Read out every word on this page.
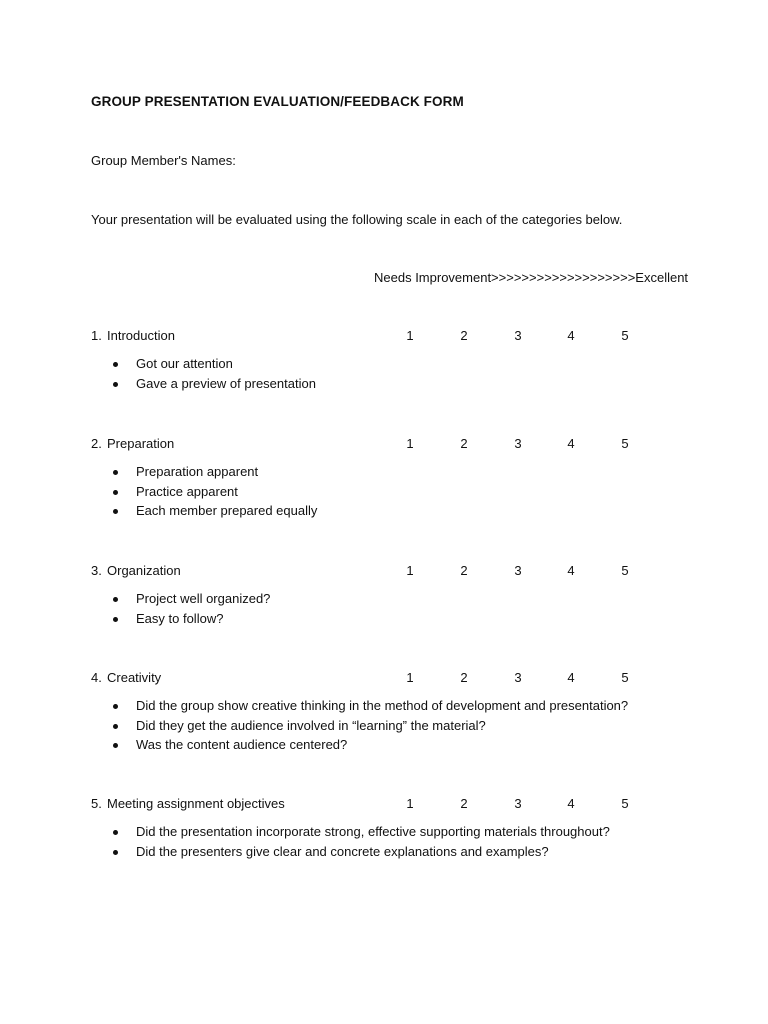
GROUP PRESENTATION EVALUATION/FEEDBACK FORM
Group Member's Names:
Your presentation will be evaluated using the following scale in each of the categories below.
Needs Improvement>>>>>>>>>>>>>>>>>>>Excellent
1. Introduction	1	2	3	4	5
Got our attention
Gave a preview of presentation
2. Preparation	1	2	3	4	5
Preparation apparent
Practice apparent
Each member prepared equally
3. Organization	1	2	3	4	5
Project well organized?
Easy to follow?
4. Creativity	1	2	3	4	5
Did the group show creative thinking in the method of development and presentation?
Did they get the audience involved in “learning” the material?
Was the content audience centered?
5. Meeting assignment objectives	1	2	3	4	5
Did the presentation incorporate strong, effective supporting materials throughout?
Did the presenters give clear and concrete explanations and examples?
